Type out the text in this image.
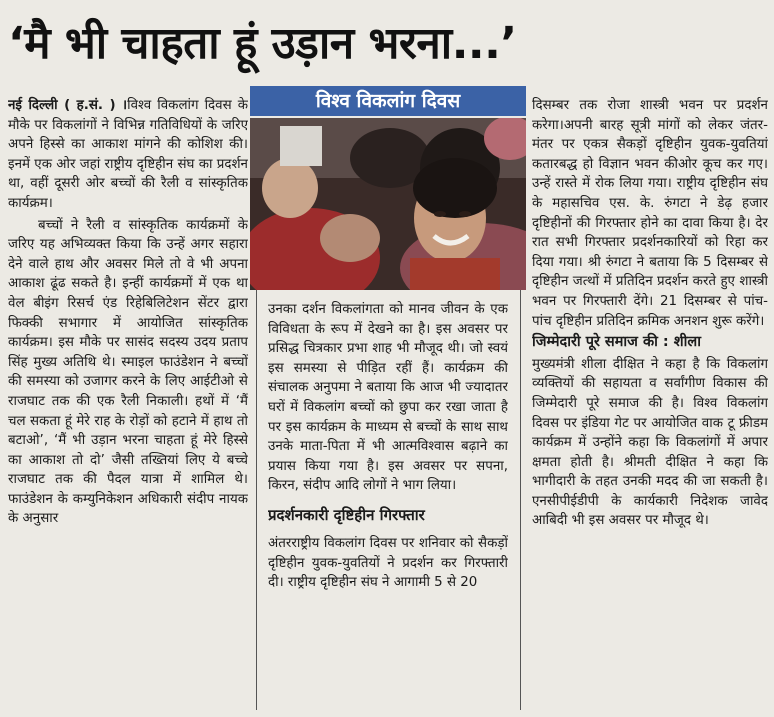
‘मै भी चाहता हूं उड़ान भरना...’

नई दिल्ली ( ह.सं. ) ।विश्व विकलांग दिवस के मौके पर विकलांगों ने विभिन्न गतिविधियों के जरिए अपने हिस्से का आकाश मांगने की कोशिश की। इनमें एक ओर जहां राष्ट्रीय दृष्टिहीन संघ का प्रदर्शन था, वहीं दूसरी ओर बच्चों की रैली व सांस्कृतिक कार्यक्रम।

बच्चों ने रैली व सांस्कृतिक कार्यक्रमों के जरिए यह अभिव्यक्त किया कि उन्हें अगर सहारा देने वाले हाथ और अवसर मिले तो वे भी अपना आकाश ढूंढ सकते है। इन्हीं कार्यक्रमों में एक था वेल बीइंग रिसर्च एंड रिहेबिलिटेशन सेंटर द्वारा फिक्की सभागार में आयोजित सांस्कृतिक कार्यक्रम। इस मौके पर सासंद सदस्य उदय प्रताप सिंह मुख्य अतिथि थे। स्माइल फाउंडेशन ने बच्चों की समस्या को उजागर करने के लिए आईटीओ से राजघाट तक की एक रैली निकाली। हथों में ‘मैं चल सकता हूं मेरे राह के रोड़ों को हटाने में हाथ तो बटाओ’, ‘मैं भी उड़ान भरना चाहता हूं मेरे हिस्से का आकाश तो दो’ जैसी तख्तियां लिए ये बच्चे राजघाट तक की पैदल यात्रा में शामिल थे। फाउंडेशन के कम्युनिकेशन अधिकारी संदीप नायक के अनुसार

विश्व विकलांग दिवस

उनका दर्शन विकलांगता को मानव जीवन के एक विविधता के रूप में देखने का है। इस अवसर पर प्रसिद्ध चित्रकार प्रभा शाह भी मौजूद थी। जो स्वयं इस समस्या से पीड़ित रहीं हैं। कार्यक्रम की संचालक अनुपमा ने बताया कि आज भी ज्यादातर घरों में विकलांग बच्चों को छुपा कर रखा जाता है पर इस कार्यक्रम के माध्यम से बच्चों के साथ साथ उनके माता-पिता में भी आत्मविश्वास बढ़ाने का प्रयास किया गया है। इस अवसर पर सपना, किरन, संदीप आदि लोगों ने भाग लिया।

प्रदर्शनकारी दृष्टिहीन गिरफ्तार

अंतरराष्ट्रीय विकलांग दिवस पर शनिवार को सैकड़ों दृष्टिहीन युवक-युवतियों ने प्रदर्शन कर गिरफ्तारी दी। राष्ट्रीय दृष्टिहीन संघ ने आगामी 5 से 20

दिसम्बर तक रोजा शास्त्री भवन पर प्रदर्शन करेगा।अपनी बारह सूत्री मांगों को लेकर जंतर-मंतर पर एकत्र सैकड़ों दृष्टिहीन युवक-युवतियां कतारबद्ध हो विज्ञान भवन कीओर कूच कर गए। उन्हें रास्ते में रोक लिया गया। राष्ट्रीय दृष्टिहीन संघ के महासचिव एस. के. रुंगटा ने डेढ़ हजार दृष्टिहीनों की गिरफ्तार होने का दावा किया है। देर रात सभी गिरफ्तार प्रदर्शनकारियों को रिहा कर दिया गया। श्री रुंगटा ने बताया कि 5 दिसम्बर से दृष्टिहीन जत्थों में प्रतिदिन प्रदर्शन करते हुए शास्त्री भवन पर गिरफ्तारी देंगे। 21 दिसम्बर से पांच-पांच दृष्टिहीन प्रतिदिन क्रमिक अनशन शुरू करेंगे।

जिम्मेदारी पूरे समाज की : शीला

मुख्यमंत्री शीला दीक्षित ने कहा है कि विकलांग व्यक्तियों की सहायता व सर्वांगीण विकास की जिम्मेदारी पूरे समाज की है। विश्व विकलांग दिवस पर इंडिया गेट पर आयोजित वाक टू फ्रीडम कार्यक्रम में उन्होंने कहा कि विकलांगों में अपार क्षमता होती है। श्रीमती दीक्षित ने कहा कि भागीदारी के तहत उनकी मदद की जा सकती है। एनसीपीईडीपी के कार्यकारी निदेशक जावेद आबिदी भी इस अवसर पर मौजूद थे।
